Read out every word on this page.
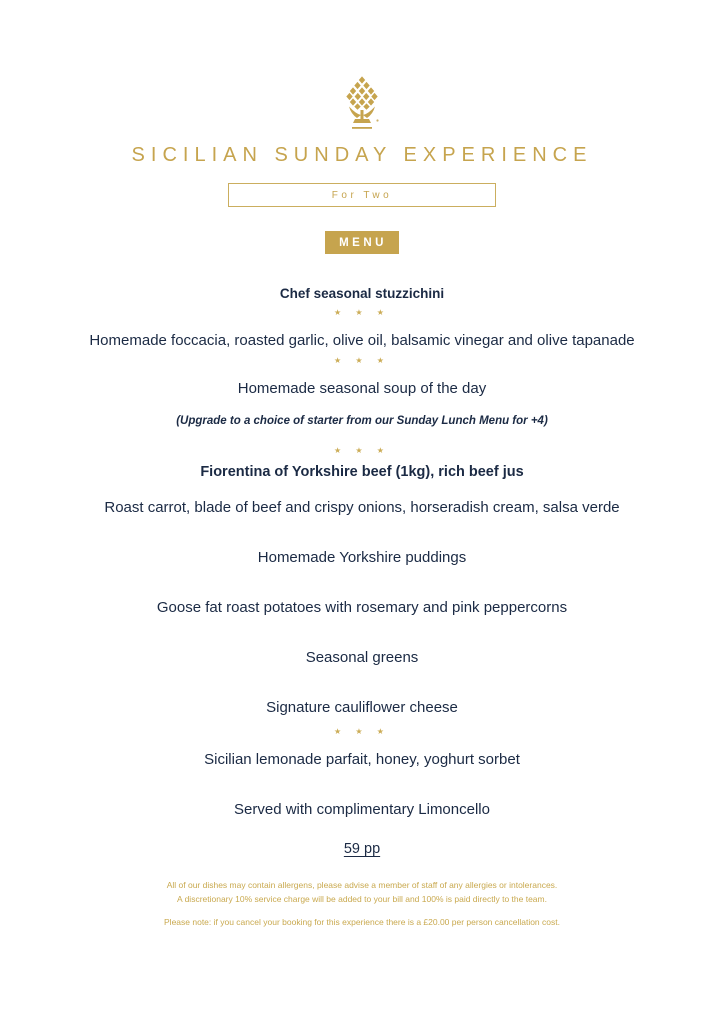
SICILIAN SUNDAY EXPERIENCE
For Two
MENU
Chef seasonal stuzzichini
★ ★ ★
Homemade foccacia, roasted garlic, olive oil, balsamic vinegar and olive tapanade
★ ★ ★
Homemade seasonal soup of the day
(Upgrade to a choice of starter from our Sunday Lunch Menu for +4)
★ ★ ★
Fiorentina of Yorkshire beef (1kg), rich beef jus
Roast carrot, blade of beef and crispy onions, horseradish cream, salsa verde
Homemade Yorkshire puddings
Goose fat roast potatoes with rosemary and pink peppercorns
Seasonal greens
Signature cauliflower cheese
★ ★ ★
Sicilian lemonade parfait, honey, yoghurt sorbet
Served with complimentary Limoncello
59 pp
All of our dishes may contain allergens, please advise a member of staff of any allergies or intolerances.
A discretionary 10% service charge will be added to your bill and 100% is paid directly to the team.
Please note: if you cancel your booking for this experience there is a £20.00 per person cancellation cost.
